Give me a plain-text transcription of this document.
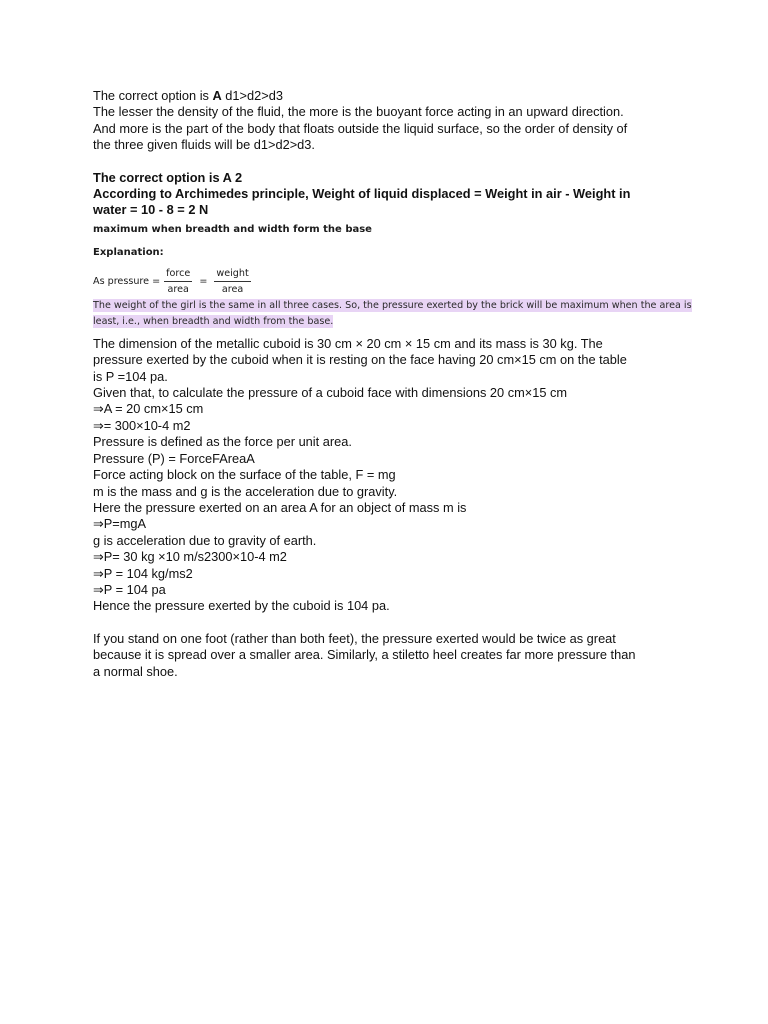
The correct option is A d1>d2>d3
The lesser the density of the fluid, the more is the buoyant force acting in an upward direction.
And more is the part of the body that floats outside the liquid surface, so the order of density of
the three given fluids will be d1>d2>d3.
The correct option is A 2
According to Archimedes principle, Weight of liquid displaced = Weight in air - Weight in
water = 10 - 8 = 2 N
maximum when breadth and width form the base
Explanation:
As pressure = $\frac{\text{force}}{\text{area}} = \frac{\text{weight}}{\text{area}}$
The weight of the girl is the same in all three cases. So, the pressure exerted by the brick will be maximum when the area is
least, i.e., when breadth and width from the base.
The dimension of the metallic cuboid is 30 cm × 20 cm × 15 cm and its mass is 30 kg. The
pressure exerted by the cuboid when it is resting on the face having 20 cm×15 cm on the table
is P =104 pa.
Given that, to calculate the pressure of a cuboid face with dimensions 20 cm×15 cm
⇒A = 20 cm×15 cm
⇒= 300×10-4 m2
Pressure is defined as the force per unit area.
Pressure (P) = ForceFAreaA
Force acting block on the surface of the table, F = mg
m is the mass and g is the acceleration due to gravity.
Here the pressure exerted on an area A for an object of mass m is
⇒P=mgA
g is acceleration due to gravity of earth.
⇒P= 30 kg ×10 m/s2300×10-4 m2
⇒P = 104 kg/ms2
⇒P = 104 pa
Hence the pressure exerted by the cuboid is 104 pa.
If you stand on one foot (rather than both feet), the pressure exerted would be twice as great
because it is spread over a smaller area. Similarly, a stiletto heel creates far more pressure than
a normal shoe.
